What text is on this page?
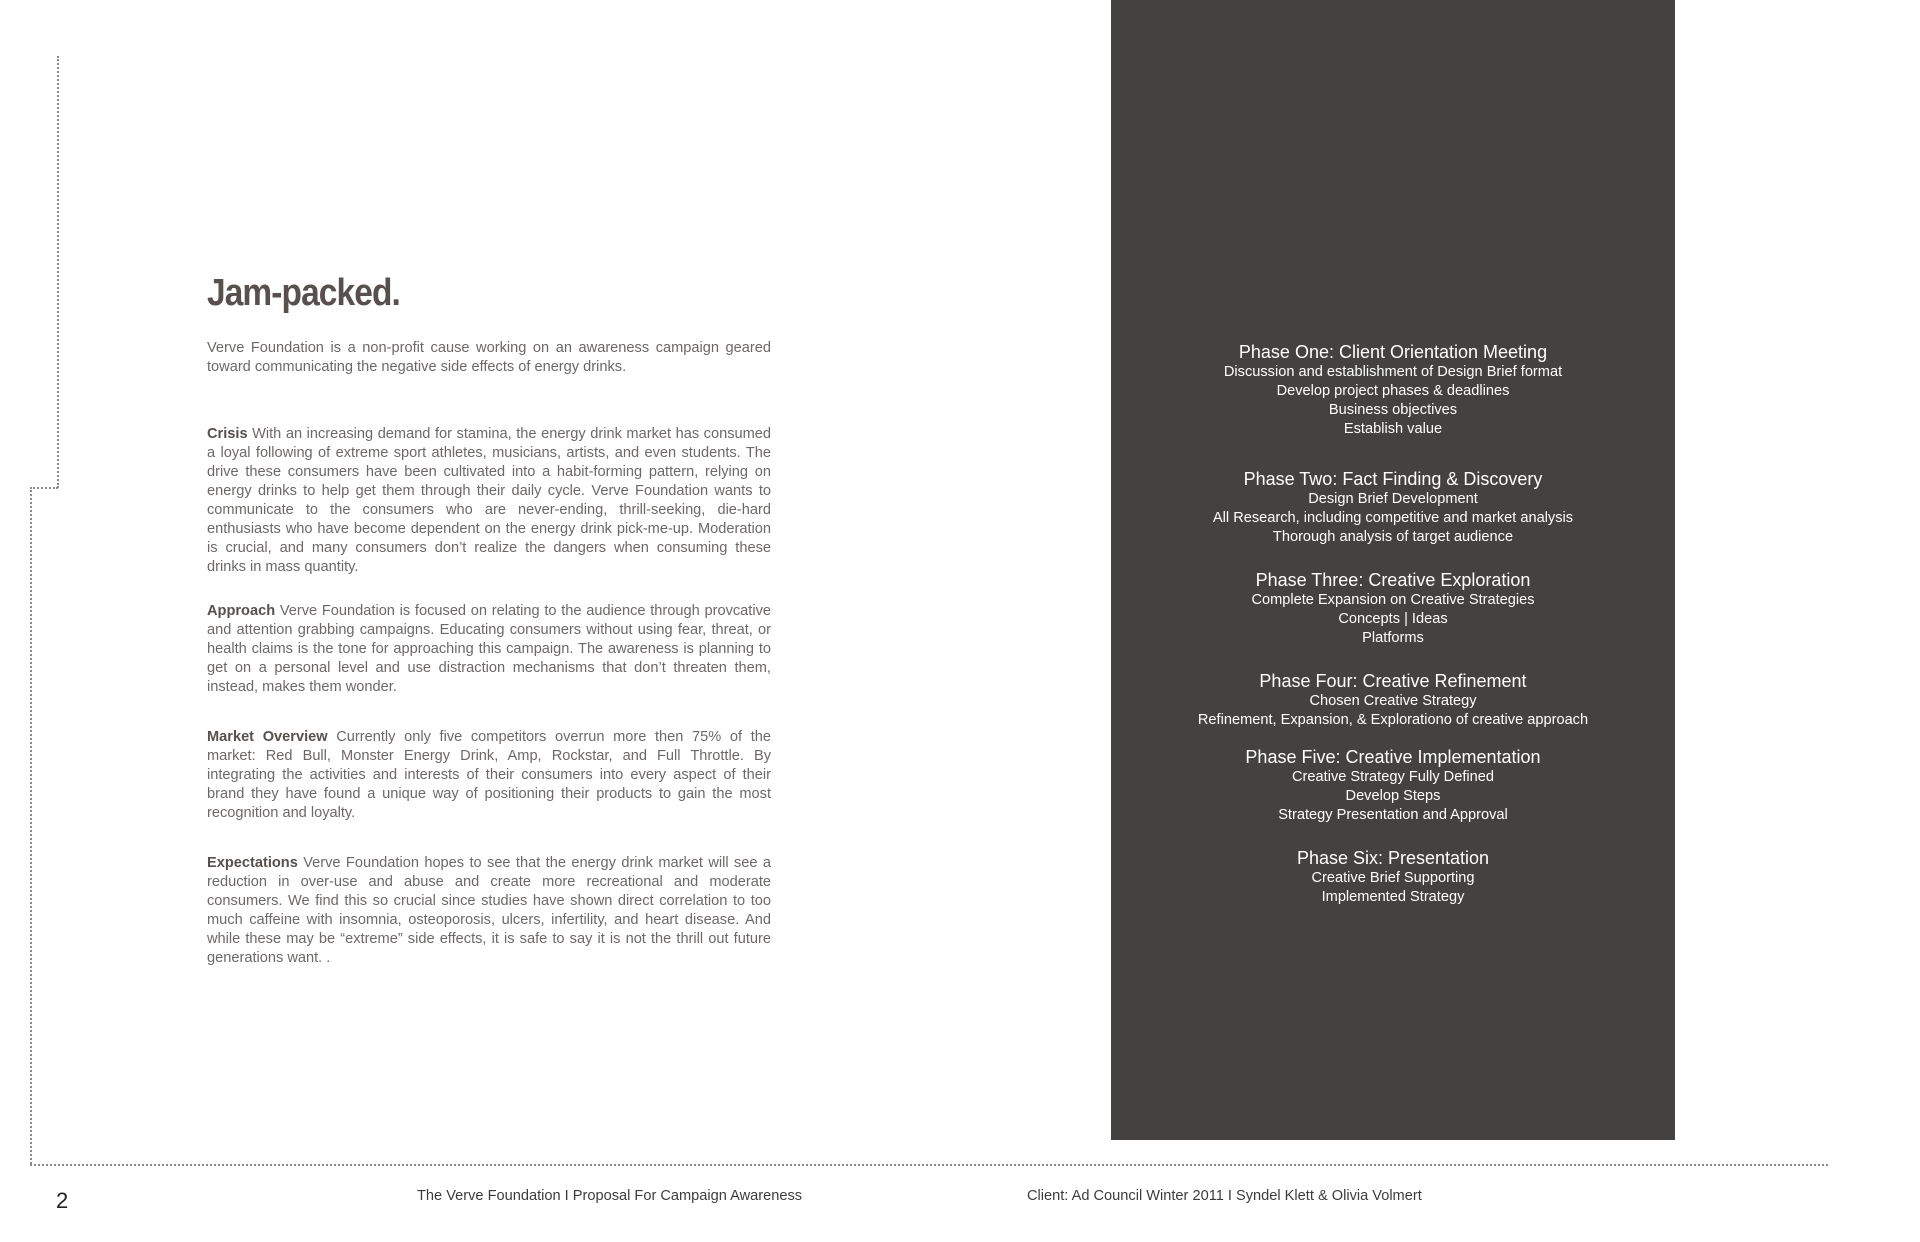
Jam-packed.

Verve Foundation is a non-profit cause working on an awareness campaign geared toward communicating the negative side effects of energy drinks.

Crisis With an increasing demand for stamina, the energy drink market has consumed a loyal following of extreme sport athletes, musicians, artists, and even students. The drive these consumers have been cultivated into a habit-forming pattern, relying on energy drinks to help get them through their daily cycle. Verve Foundation wants to communicate to the consumers who are never-ending, thrill-seeking, die-hard enthusiasts who have become dependent on the energy drink pick-me-up. Moderation is crucial, and many consumers don’t realize the dangers when consuming these drinks in mass quantity.

Approach Verve Foundation is focused on relating to the audience through provcative and attention grabbing campaigns. Educating consumers without using fear, threat, or health claims is the tone for approaching this campaign. The awareness is planning to get on a personal level and use distraction mechanisms that don’t threaten them, instead, makes them wonder.

Market Overview Currently only five competitors overrun more then 75% of the market: Red Bull, Monster Energy Drink, Amp, Rockstar, and Full Throttle. By integrating the activities and interests of their consumers into every aspect of their brand they have found a unique way of positioning their products to gain the most recognition and loyalty.

Expectations Verve Foundation hopes to see that the energy drink market will see a reduction in over-use and abuse and create more recreational and moderate consumers. We find this so crucial since studies have shown direct correlation to too much caffeine with insomnia, osteoporosis, ulcers, infertility, and heart disease. And while these may be “extreme” side effects, it is safe to say it is not the thrill out future generations want. .

Phase One: Client Orientation Meeting
Discussion and establishment of Design Brief format
Develop project phases & deadlines
Business objectives
Establish value
Phase Two: Fact Finding & Discovery
Design Brief Development
All Research, including competitive and market analysis
Thorough analysis of target audience
Phase Three: Creative Exploration
Complete Expansion on Creative Strategies
Concepts | Ideas
Platforms
Phase Four: Creative Refinement
Chosen Creative Strategy
Refinement, Expansion, & Explorationo of creative approach
Phase Five: Creative Implementation
Creative Strategy Fully Defined
Develop Steps
Strategy Presentation and Approval
Phase Six: Presentation
Creative Brief Supporting
Implemented Strategy
2	The Verve Foundation I Proposal For Campaign Awareness	Client: Ad Council Winter 2011 I Syndel Klett & Olivia Volmert
